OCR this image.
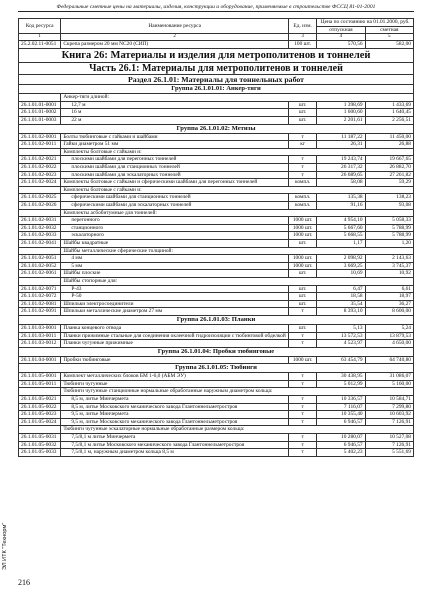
Федеральные сметные цены на материалы, изделия, конструкции и оборудование, применяемые в строительстве ФССЦ 81-01-2001
ЭЛ ИТК "Технорм"
Код ресурса	Наименование ресурса	Ед. изм.	Цена по состоянию на 01.01.2000, руб.	
			отпускная	сметная
1	2	3	4	5
25.2.02.11-0051	Скрепа размером 20 мм NC20 (СИП)	100 шт.	570,56	582,00
Книга 26: Материалы и изделия для метрополитенов и тоннелей				
Часть 26.1: Материалы для метрополитенов и тоннелей				
Раздел 26.1.01: Материалы для тоннельных работ				
Группа 26.1.01.01: Анкер-тяги				
	Анкер-тяги длиной:			
26.1.01.01-0001	12,7 м	шт.	1 398,69	1 433,69
26.1.01.01-0002	16 м	шт.	1 600,60	1 640,45
26.1.01.01-0003	22 м	шт.	2 201,61	2 256,51
Группа 26.1.01.02: Метизы				
26.1.01.02-0001	Болты тюбинговые с гайками и шайбами	т	11 187,22	11 450,00
26.1.01.02-0011	Гайки диаметром 51 мм	кг	26,31	26,88
	Комплекты болтовые с гайками и:			
26.1.01.02-0021	плоскими шайбами для перегонных тоннелей	т	19 243,74	19 667,65
26.1.01.02-0022	плоскими шайбами для станционных тоннелей	т	26 317,32	26 882,70
26.1.01.02-0023	плоскими шайбами для эскалаторных тоннелей	т	26 689,65	27 261,82
26.1.01.02-0024	Комплекты болтовые с гайками и сферическими шайбами для перегонных тоннелей	компл.	58,08	59,29
	Комплекты болтовые с гайками и:			
26.1.01.02-0025	сферическими шайбами для станционных тоннелей	компл.	135,38	138,23
26.1.01.02-0026	сферическими шайбами для эскалаторных тоннелей	компл.	91,16	93,08
	Комплекты асбобитумные для тоннелей:			
26.1.01.02-0031	перегонного	1000 шт.	4 954,10	5 058,33
26.1.01.02-0032	станционного	1000 шт.	5 667,60	5 788,99
26.1.01.02-0033	эскалаторного	1000 шт.	5 668,55	5 788,99
26.1.01.02-0041	Шайбы квадратные	шт.	1,17	1,20
	Шайбы металлические сферические толщиной:			
26.1.01.02-0051	4 мм	1000 шт.	2 098,92	2 143,63
26.1.01.02-0052	5 мм	1000 шт.	3 669,25	3 745,37
26.1.01.02-0061	Шайбы плоские	шт.	10,69	10,92
	Шайбы стопорные для:			
26.1.01.02-0071	Р-43	шт.	6,47	6,61
26.1.01.02-0072	Р-50	шт.	18,58	18,97
26.1.01.02-0081	Шпильки электросоединители	шт.	35,54	36,27
26.1.01.02-0091	Шпильки металлические диаметром 27 мм	т	8 393,10	8 600,00
Группа 26.1.01.03: Планки				
26.1.01.03-0001	Планка концевого отвода	шт.	5,13	5,24
26.1.01.03-0011	Планки прижимные стальные для соединения оклеечной гидроизоляции с тюбинговой обделкой	т	13 572,53	13 879,53
26.1.01.03-0012	Планки чугунные прижимные	т	4 523,97	4 650,00
Группа 26.1.01.04: Пробки тюбинговые				
26.1.01.04-0001	Пробки тюбинговые	1000 шт.	63 454,79	64 740,80
Группа 26.1.01.05: Тюбинги				
26.1.01.05-0001	Комплект металлических блоков БМ 1-6,0 (АБМ ЭУ)	т	30 438,95	31 086,07
26.1.01.05-0011	Тюбинги чугунные	т	5 012,99	5 160,00
	Тюбинги чугунные станционные нормальные обработанные наружным диаметром кольца:			
26.1.01.05-0021	8,5 м, литье Минчермета	т	10 336,57	10 584,71
26.1.01.05-0022	8,5 м, литье Московского механического завода Глантоннельметростроя	т	7 116,07	7 299,80
26.1.01.05-0023	9,5 м, литье Минчермета	т	10 355,40	10 603,92
26.1.01.05-0024	9,5 м, литье Московского механического завода Глантоннельметростроя	т	6 946,57	7 126,91
	Тюбинги чугунные эскалаторные нормальные обработанные размером кольца:			
26.1.01.05-0031	7,5/8,1 м литье Минчермета	т	10 280,07	10 527,08
26.1.01.05-0032	7,5/8,1 м литье Московского механического завода Глантоннельметростроя	т	6 946,57	7 126,91
26.1.01.05-0033	7,5/8,1 м, наружным диаметром кольца 8,5 м	т	5 402,23	5 551,69
216
